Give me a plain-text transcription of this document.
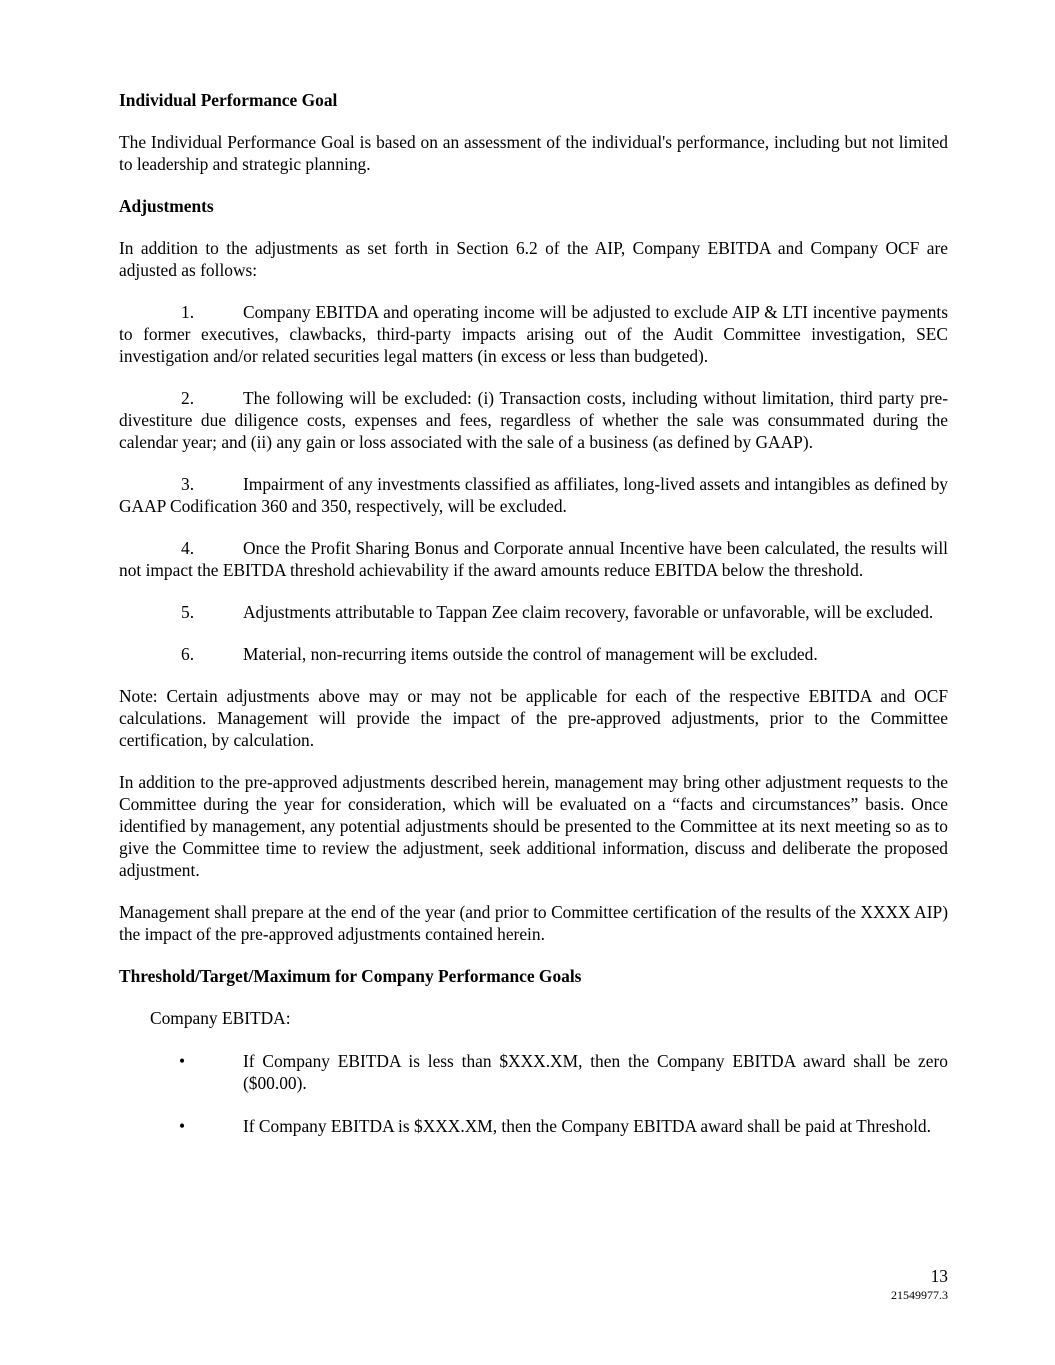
Individual Performance Goal

The Individual Performance Goal is based on an assessment of the individual's performance, including but not limited to leadership and strategic planning.

Adjustments

In addition to the adjustments as set forth in Section 6.2 of the AIP, Company EBITDA and Company OCF are adjusted as follows:

1.	Company EBITDA and operating income will be adjusted to exclude AIP & LTI incentive payments to former executives, clawbacks, third-party impacts arising out of the Audit Committee investigation, SEC investigation and/or related securities legal matters (in excess or less than budgeted).
2.	The following will be excluded: (i) Transaction costs, including without limitation, third party pre-divestiture due diligence costs, expenses and fees, regardless of whether the sale was consummated during the calendar year; and (ii) any gain or loss associated with the sale of a business (as defined by GAAP).
3.	Impairment of any investments classified as affiliates, long-lived assets and intangibles as defined by GAAP Codification 360 and 350, respectively, will be excluded.
4.	Once the Profit Sharing Bonus and Corporate annual Incentive have been calculated, the results will not impact the EBITDA threshold achievability if the award amounts reduce EBITDA below the threshold.
5.	Adjustments attributable to Tappan Zee claim recovery, favorable or unfavorable, will be excluded.
6.	Material, non-recurring items outside the control of management will be excluded.

Note: Certain adjustments above may or may not be applicable for each of the respective EBITDA and OCF calculations. Management will provide the impact of the pre-approved adjustments, prior to the Committee certification, by calculation.

In addition to the pre-approved adjustments described herein, management may bring other adjustment requests to the Committee during the year for consideration, which will be evaluated on a “facts and circumstances” basis. Once identified by management, any potential adjustments should be presented to the Committee at its next meeting so as to give the Committee time to review the adjustment, seek additional information, discuss and deliberate the proposed adjustment.

Management shall prepare at the end of the year (and prior to Committee certification of the results of the XXXX AIP) the impact of the pre-approved adjustments contained herein.

Threshold/Target/Maximum for Company Performance Goals
Company EBITDA:
•	If Company EBITDA is less than $XXX.XM, then the Company EBITDA award shall be zero ($00.00).
•	If Company EBITDA is $XXX.XM, then the Company EBITDA award shall be paid at Threshold.
13
21549977.3
